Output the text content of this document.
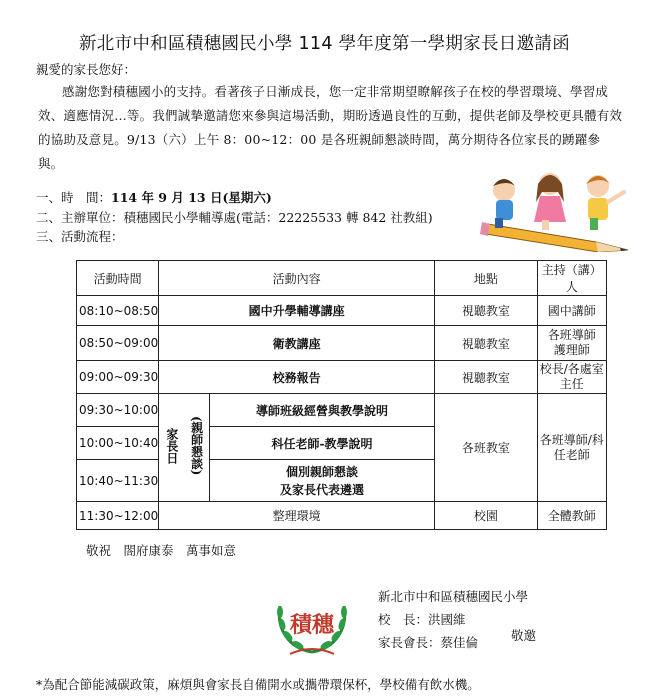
新北市中和區積穗國民小學 114 學年度第一學期家長日邀請函
親愛的家長您好：
感謝您對積穗國小的支持。看著孩子日漸成長，您一定非常期望瞭解孩子在校的學習環境、學習成效、適應情況…等。我們誠摯邀請您來參與這場活動，期盼透過良性的互動，提供老師及學校更具體有效的協助及意見。9/13（六）上午 8：00~12：00 是各班親師懇談時間，萬分期待各位家長的踴躍參與。
一、時　間：114 年 9 月 13 日(星期六)
二、主辦單位：積穗國民小學輔導處(電話：22225533 轉 842 社教組)
三、活動流程：
活動時間	活動內容			地點	主持（講）人
08:10~08:50	國中升學輔導講座			視聽教室	國中講師
08:50~09:00	衛教講座			視聽教室	各班導師
護理師
09:00~09:30	校務報告			視聽教室	校長/各處室主任
09:30~10:00	家長日	(親師懇談)	導師班級經營與教學說明	各班教室	各班導師/科任老師
10:00~10:40			科任老師-教學說明		
10:40~11:30			個別親師懇談
及家長代表遴選		
11:30~12:00	整理環境			校園	全體教師
敬祝　閤府康泰　萬事如意
積穗
新北市中和區積穗國民小學
校　長：洪國維
家長會長：蔡佳倫	敬邀
*為配合節能減碳政策，麻煩與會家長自備開水或攜帶環保杯，學校備有飲水機。
